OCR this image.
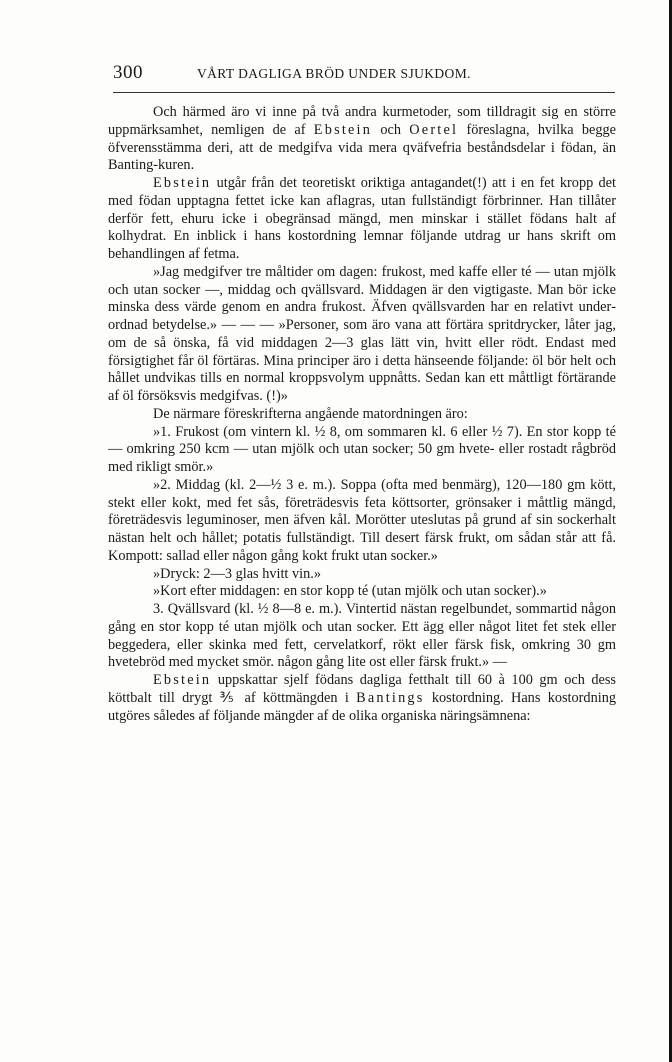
300	VÅRT DAGLIGA BRÖD UNDER SJUKDOM.

Och härmed äro vi inne på två andra kurmetoder, som tilldragit sig en större uppmärksamhet, nemligen de af Ebstein och Oertel föreslagna, hvilka begge öfverensstämma deri, att de medgifva vida mera qväfvefria beståndsdelar i födan, än Banting-kuren.

Ebstein utgår från det teoretiskt oriktiga antagandet(!) att i en fet kropp det med födan upptagna fettet icke kan aflagras, utan fullständigt förbrinner. Han tillåter derför fett, ehuru icke i obegränsad mängd, men minskar i stället födans halt af kolhydrat. En inblick i hans kostordning lemnar följande utdrag ur hans skrift om behandlingen af fetma.

»Jag medgifver tre måltider om dagen: frukost, med kaffe eller té — utan mjölk och utan socker —, middag och qvällsvard. Middagen är den vigtigaste. Man bör icke minska dess värde genom en andra frukost. Äfven qvällsvarden har en relativt underordnad betydelse.» — — — »Personer, som äro vana att förtära spritdrycker, låter jag, om de så önska, få vid middagen 2—3 glas lätt vin, hvitt eller rödt. Endast med försigtighet får öl förtäras. Mina principer äro i detta hänseende följande: öl bör helt och hållet undvikas tills en normal kroppsvolym uppnåtts. Sedan kan ett måttligt förtärande af öl försöksvis medgifvas. (!)»

De närmare föreskrifterna angående matordningen äro:

»1. Frukost (om vintern kl. ½ 8, om sommaren kl. 6 eller ½ 7). En stor kopp té — omkring 250 kcm — utan mjölk och utan socker; 50 gm hvete- eller rostadt rågbröd med rikligt smör.»

»2. Middag (kl. 2—½ 3 e. m.). Soppa (ofta med benmärg), 120—180 gm kött, stekt eller kokt, med fet sås, företrädesvis feta köttsorter, grönsaker i måttlig mängd, företrädesvis leguminoser, men äfven kål. Morötter uteslutas på grund af sin sockerhalt nästan helt och hållet; potatis fullständigt. Till desert färsk frukt, om sådan står att få. Kompott: sallad eller någon gång kokt frukt utan socker.»

»Dryck: 2—3 glas hvitt vin.»

»Kort efter middagen: en stor kopp té (utan mjölk och utan socker).»

3. Qvällsvard (kl. ½ 8—8 e. m.). Vintertid nästan regelbundet, sommartid någon gång en stor kopp té utan mjölk och utan socker. Ett ägg eller något litet fet stek eller beggedera, eller skinka med fett, cervelatkorf, rökt eller färsk fisk, omkring 30 gm hvetebröd med mycket smör. någon gång lite ost eller färsk frukt.» —

Ebstein uppskattar sjelf födans dagliga fetthalt till 60 à 100 gm och dess köttbalt till drygt ⅗ af köttmängden i Bantings kostordning. Hans kostordning utgöres således af följande mängder af de olika organiska näringsämnena:
